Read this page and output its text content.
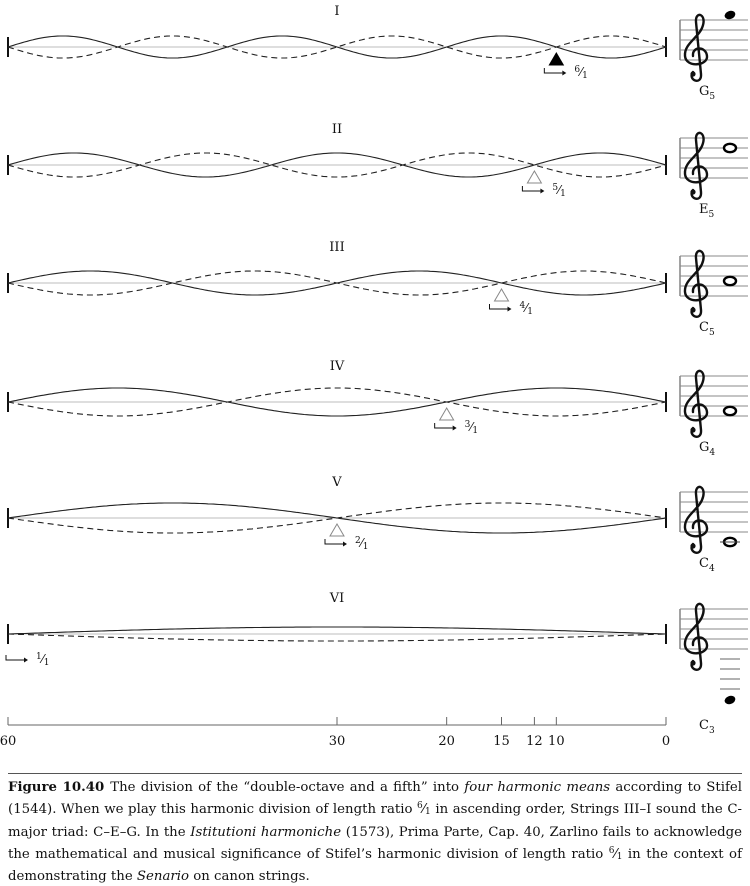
I
$^6$⁄1
$G_5$
II
$^5$⁄1
$E_5$
III
$^4$⁄1
$C_5$
IV
$^3$⁄1
$G_4$
V
$^2$⁄1
$C_4$
VI
$^1$⁄1
$C_3$
60	30	20	15 12 10	0

Figure 10.40 The division of the “double-octave and a fifth” into four harmonic means according to Stifel (1544). When we play this harmonic division of length ratio $^6⁄_1$ in ascending order, Strings III–I sound the C-major triad: C–E–G. In the Istitutioni harmoniche (1573), Prima Parte, Cap. 40, Zarlino fails to acknowledge the mathematical and musical significance of Stifel’s harmonic division of length ratio $^6⁄_1$ in the context of demonstrating the Senario on canon strings.
